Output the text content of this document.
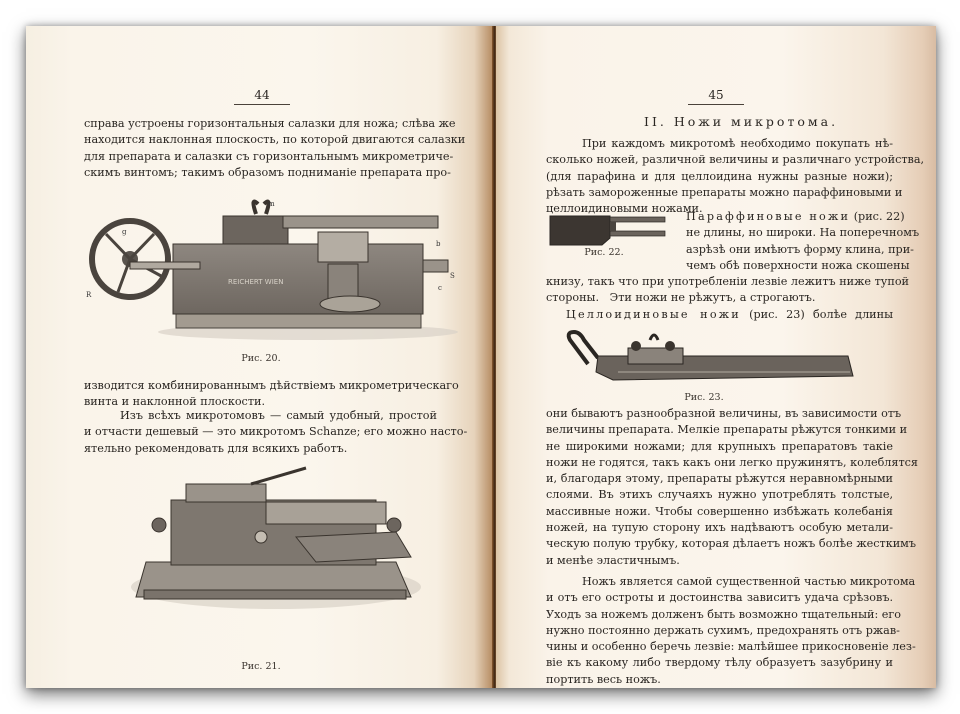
44
справа устроены горизонтальныя салазки для ножа; слѣва же
находится наклонная плоскость, по которой двигаются салазки
для препарата и салазки съ горизонтальнымъ микрометриче-
скимъ винтомъ; такимъ образомъ подниманіе препарата про-
REICHERT WIEN
R
g
m
b
S
c
Рис. 20.
изводится комбинированнымъ дѣйствіемъ микрометрическаго
винта и наклонной плоскости.
Изъ всѣхъ микротомовъ — самый удобный, простой
и отчасти дешевый — это микротомъ Schanze; его можно насто-
ятельно рекомендовать для всякихъ работъ.
Рис. 21.
45
II. Ножи микротома.
При каждомъ микротомѣ необходимо покупать нѣ-
сколько ножей, различной величины и различнаго устройства,
(для парафина и для целлоидина нужны разные ножи);
рѣзать замороженные препараты можно параффиновыми и
целлоидиновыми ножами.
Рис. 22.
Параффиновые ножи (рис. 22)
не длины, но широки. На поперечномъ
азрѣзѣ они имѣютъ форму клина, при-
чемъ обѣ поверхности ножа скошены
книзу, такъ что при употребленіи лезвіе лежитъ ниже тупой
стороны.   Эти ножи не рѣжутъ, а строгаютъ.
Целлоидиновые ножи (рис. 23) болѣе длины
Рис. 23.
они бываютъ разнообразной величины, въ зависимости отъ
величины препарата. Мелкіе препараты рѣжутся тонкими и
не широкими ножами; для крупныхъ препаратовъ такіе
ножи не годятся, такъ какъ они легко пружинятъ, колеблятся
и, благодаря этому, препараты рѣжутся неравномѣрными
слоями. Въ этихъ случаяхъ нужно употреблять толстые,
массивные ножи. Чтобы совершенно избѣжать колебанія
ножей, на тупую сторону ихъ надѣваютъ особую метали-
ческую полую трубку, которая дѣлаетъ ножъ болѣе жесткимъ
и менѣе эластичнымъ.
Ножъ является самой существенной частью микротома
и отъ его остроты и достоинства зависитъ удача срѣзовъ.
Уходъ за ножемъ долженъ быть возможно тщательный: его
нужно постоянно держать сухимъ, предохранять отъ ржав-
чины и особенно беречь лезвіе: малѣйшее прикосновеніе лез-
віе къ какому либо твердому тѣлу образуетъ зазубрину и
портить весь ножъ.
